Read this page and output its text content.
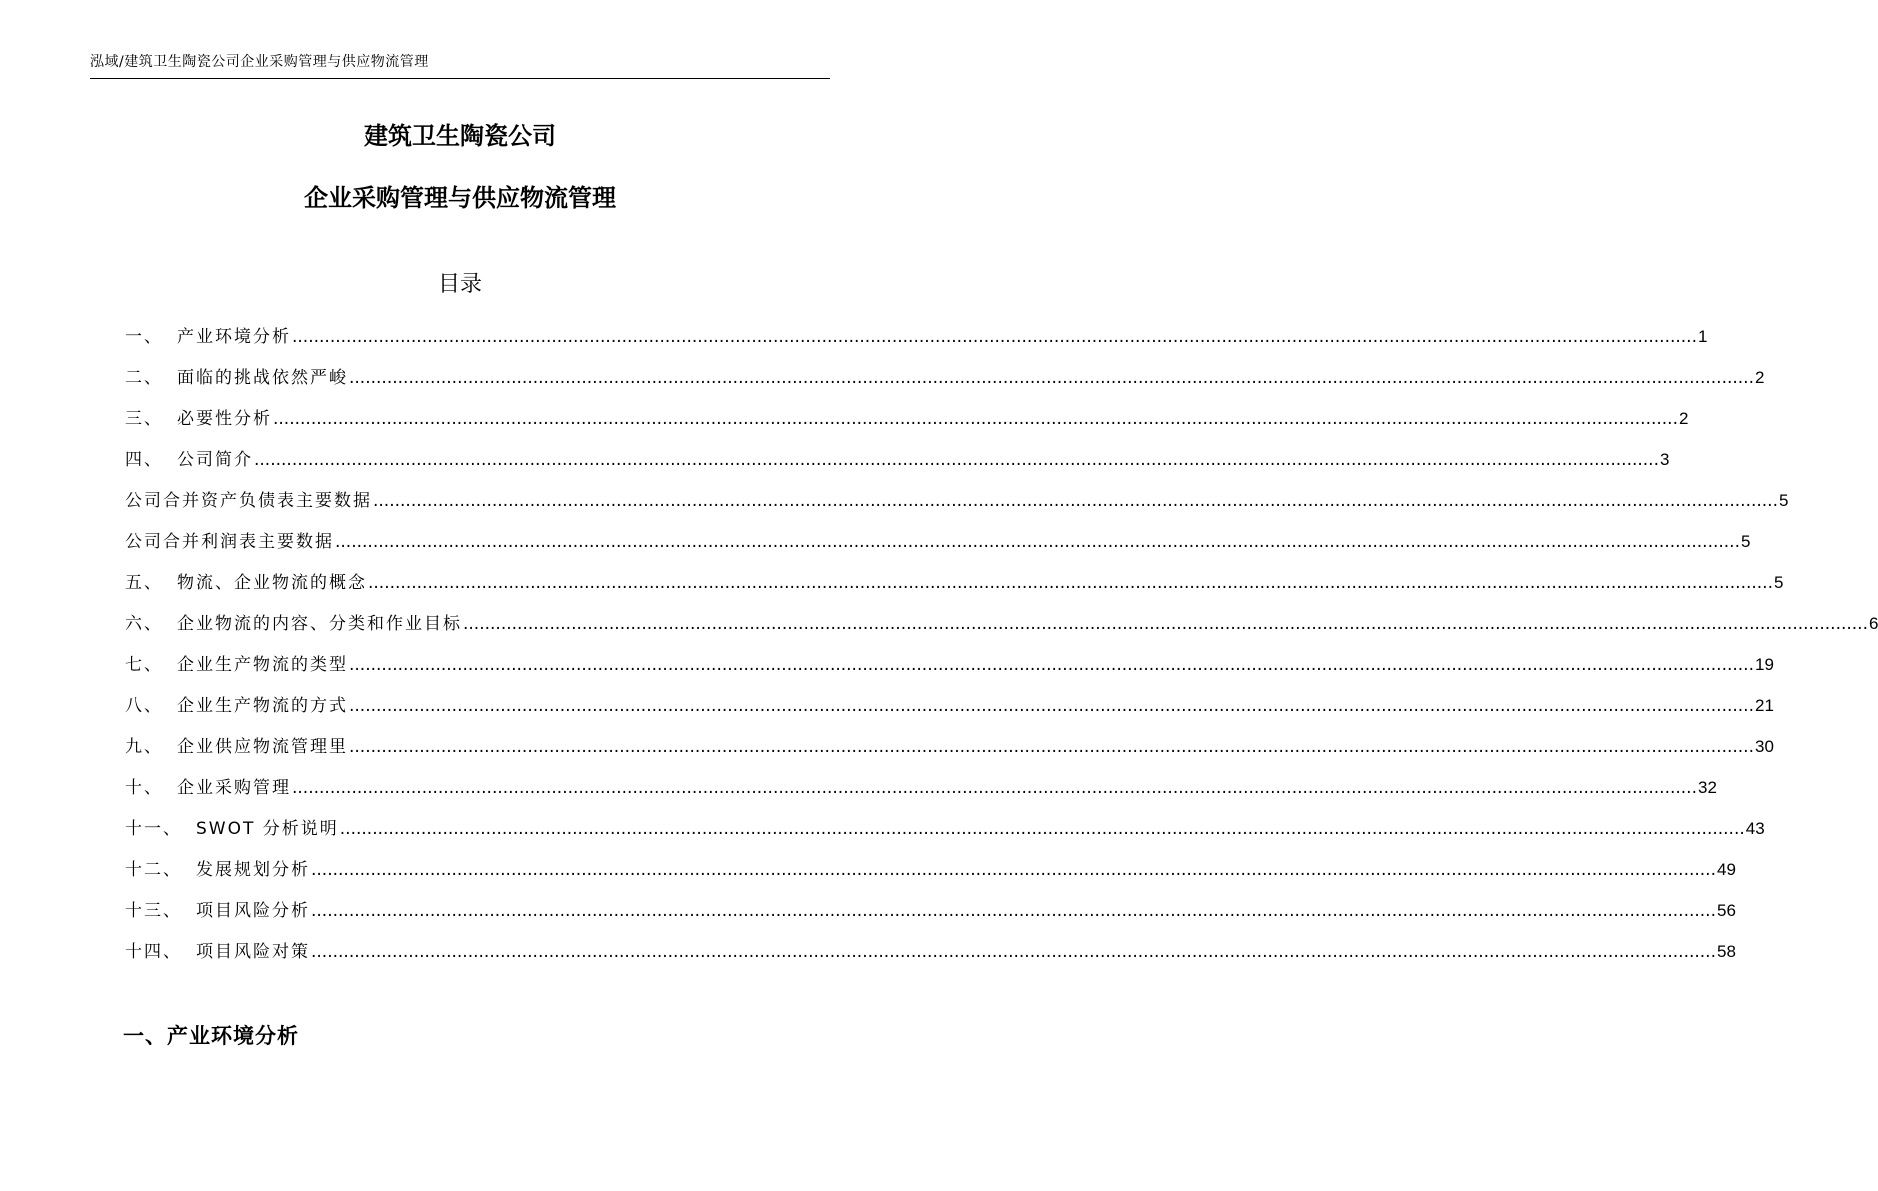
泓域/建筑卫生陶瓷公司企业采购管理与供应物流管理
建筑卫生陶瓷公司
企业采购管理与供应物流管理
目录
一、 产业环境分析 .................................................................................................................................................................................................................................................................... 1
二、 面临的挑战依然严峻 .................................................................................................................................................................................................................................................................... 2
三、 必要性分析 .................................................................................................................................................................................................................................................................... 2
四、 公司简介 .................................................................................................................................................................................................................................................................... 3
公司合并资产负债表主要数据 .................................................................................................................................................................................................................................................................... 5
公司合并利润表主要数据 .................................................................................................................................................................................................................................................................... 5
五、 物流、企业物流的概念 .................................................................................................................................................................................................................................................................... 5
六、 企业物流的内容、分类和作业目标 .................................................................................................................................................................................................................................................................... 6
七、 企业生产物流的类型 .................................................................................................................................................................................................................................................................... 19
八、 企业生产物流的方式 .................................................................................................................................................................................................................................................................... 21
九、 企业供应物流管理里 .................................................................................................................................................................................................................................................................... 30
十、 企业采购管理 .................................................................................................................................................................................................................................................................... 32
十一、 SWOT 分析说明 .................................................................................................................................................................................................................................................................... 43
十二、 发展规划分析 .................................................................................................................................................................................................................................................................... 49
十三、 项目风险分析 .................................................................................................................................................................................................................................................................... 56
十四、 项目风险对策 .................................................................................................................................................................................................................................................................... 58
一、产业环境分析
